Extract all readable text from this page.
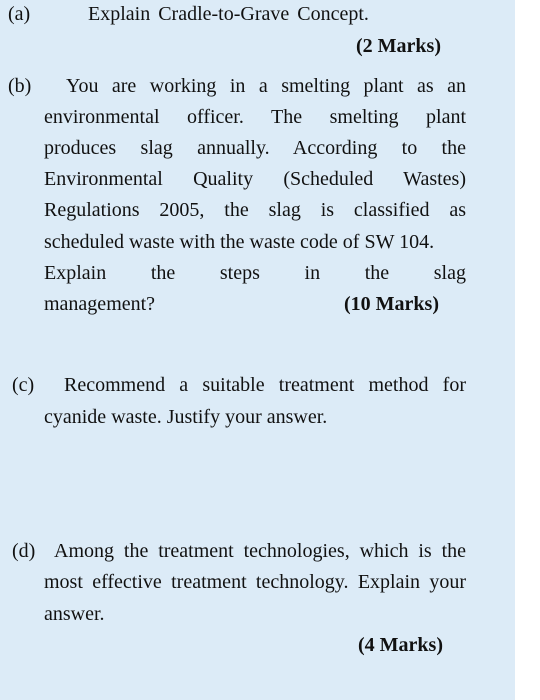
(a)	Explain Cradle-to-Grave Concept.
(2 Marks)
(b) You are working in a smelting plant as an
environmental officer. The smelting plant
produces slag annually. According to the
Environmental Quality (Scheduled Wastes)
Regulations 2005, the slag is classified as
scheduled waste with the waste code of SW 104.
Explain the steps in the slag
management?	(10 Marks)
(c) Recommend a suitable treatment method for
cyanide waste. Justify your answer.
(d) Among the treatment technologies, which is the
most effective treatment technology. Explain your
answer.
(4 Marks)
